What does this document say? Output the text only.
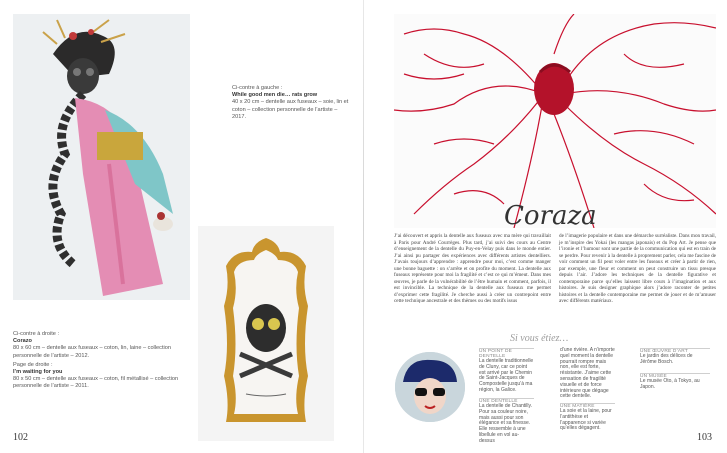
Ci-contre à gauche :
While good men die… rats grow
40 x 20 cm – dentelle aux fuseaux – soie, lin et coton – collection personnelle de l’artiste – 2017.
Ci-contre à droite :
Corazo
80 x 60 cm – dentelle aux fuseaux – coton, lin, laine – collection personnelle de l’artiste – 2012.
Page de droite :
I’m waiting for you
80 x 50 cm – dentelle aux fuseaux – coton, fil métallisé – collection personnelle de l’artiste – 2011.
102
Coraza

J’ai découvert et appris la dentelle aux fuseaux avec ma mère qui travaillait à Paris pour André Courrèges. Plus tard, j’ai suivi des cours au Centre d’enseignement de la dentelle du Puy-en-Velay puis dans le monde entier. J’ai ainsi pu partager des expériences avec différents artistes dentelliers. J’avais toujours d’apprendre : apprendre pour moi, c’est comme manger une bonne baguette : on s’arrête et on profite du moment. La dentelle aux fuseaux représente pour moi la fragilité et c’est ce qui m’émeut. Dans mes œuvres, je parle de la vulnérabilité de l’être humain et comment, parfois, il est invincible. La technique de la dentelle aux fuseaux me permet d’exprimer cette fragilité. Je cherche aussi à créer un contrepoint entre cette technique ancestrale et des thèmes ou des motifs issus

de l’imagerie populaire et dans une démarche surréaliste. Dans mon travail, je m’inspire des Yokai (les mangas japonais) et du Pop Art. Je pense que l’ironie et l’humour sont une partie de la communication qui est en train de se perdre. Pour revenir à la dentelle à proprement parler, cela me fascine de voir comment un fil peut voler entre les fuseaux et créer à partir de rien, par exemple, une fleur et comment on peut construire un tissu presque depuis l’air. J’adore les techniques de la dentelle figurative et contemporaine parce qu’elles laissent libre cours à l’imagination et aux histoires. Je suis designer graphique alors j’adore raconter de petites histoires et la dentelle contemporaine me permet de jouer et de m’amuser avec différents matériaux.

Si vous étiez…
UN POINT DE DENTELLE
La dentelle traditionnelle de Cluny, car ce point est arrivé par le Chemin de Saint-Jacques de Compostelle jusqu’à ma région, la Galice.
UNE DENTELLE
La dentelle de Chantilly. Pour sa couleur noire, mais aussi pour son élégance et sa finesse. Elle ressemble à une libellule en vol au-dessus
d’une rivière. A n’importe quel moment la dentelle pourrait rompre mais non, elle est forte, résistante. J’aime cette sensation de fragilité visuelle et de force intérieure que dégage cette dentelle.
UNE MATIÈRE
La soie et la laine, pour l’antithèse et l’apparence si variée qu’elles dégagent.
UNE ŒUVRE D’ART
Le jardin des délices de Jérôme Bosch.
UN MUSÉE
Le musée Oto, à Tokyo, au Japon.
103
